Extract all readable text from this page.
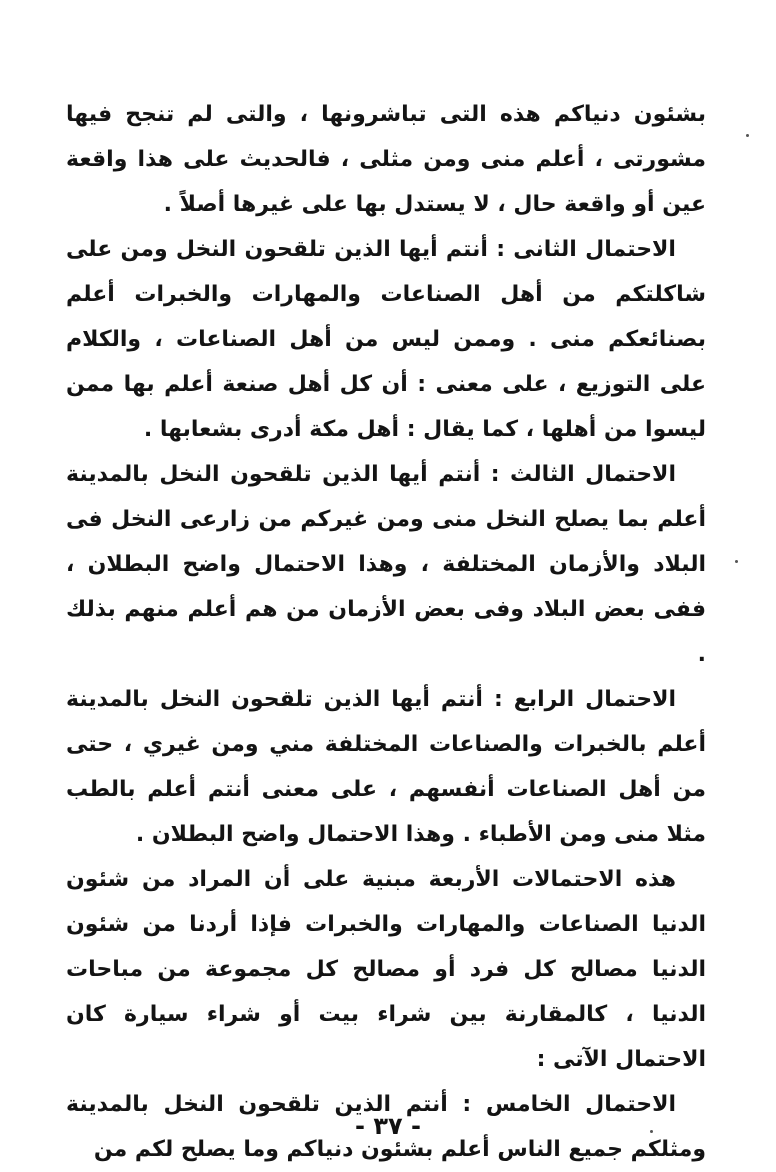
بشئون دنياكم هذه التى تباشرونها ، والتى لم تنجح فيها مشورتى ، أعلم منى ومن مثلى ، فالحديث على هذا واقعة عين أو واقعة حال ، لا يستدل بها على غيرها أصلاً .

الاحتمال الثانى : أنتم أيها الذين تلقحون النخل ومن على شاكلتكم من أهل الصناعات والمهارات والخبرات أعلم بصنائعكم منى . وممن ليس من أهل الصناعات ، والكلام على التوزيع ، على معنى : أن كل أهل صنعة أعلم بها ممن ليسوا من أهلها ، كما يقال : أهل مكة أدرى بشعابها .

الاحتمال الثالث : أنتم أيها الذين تلقحون النخل بالمدينة أعلم بما يصلح النخل منى ومن غيركم من زارعى النخل فى البلاد والأزمان المختلفة ، وهذا الاحتمال واضح البطلان ، ففى بعض البلاد وفى بعض الأزمان من هم أعلم منهم بذلك .

الاحتمال الرابع : أنتم أيها الذين تلقحون النخل بالمدينة أعلم بالخبرات والصناعات المختلفة مني ومن غيري ، حتى من أهل الصناعات أنفسهم ، على معنى أنتم أعلم بالطب مثلا منى ومن الأطباء . وهذا الاحتمال واضح البطلان .

هذه الاحتمالات الأربعة مبنية على أن المراد من شئون الدنيا الصناعات والمهارات والخبرات فإذا أردنا من شئون الدنيا مصالح كل فرد أو مصالح كل مجموعة من مباحات الدنيا ، كالمقارنة بين شراء بيت أو شراء سيارة كان الاحتمال الآتى :

الاحتمال الخامس : أنتم الذين تلقحون النخل بالمدينة ومثلكم جميع الناس أعلم بشئون دنياكم وما يصلح لكم من

- ٣٧ -
